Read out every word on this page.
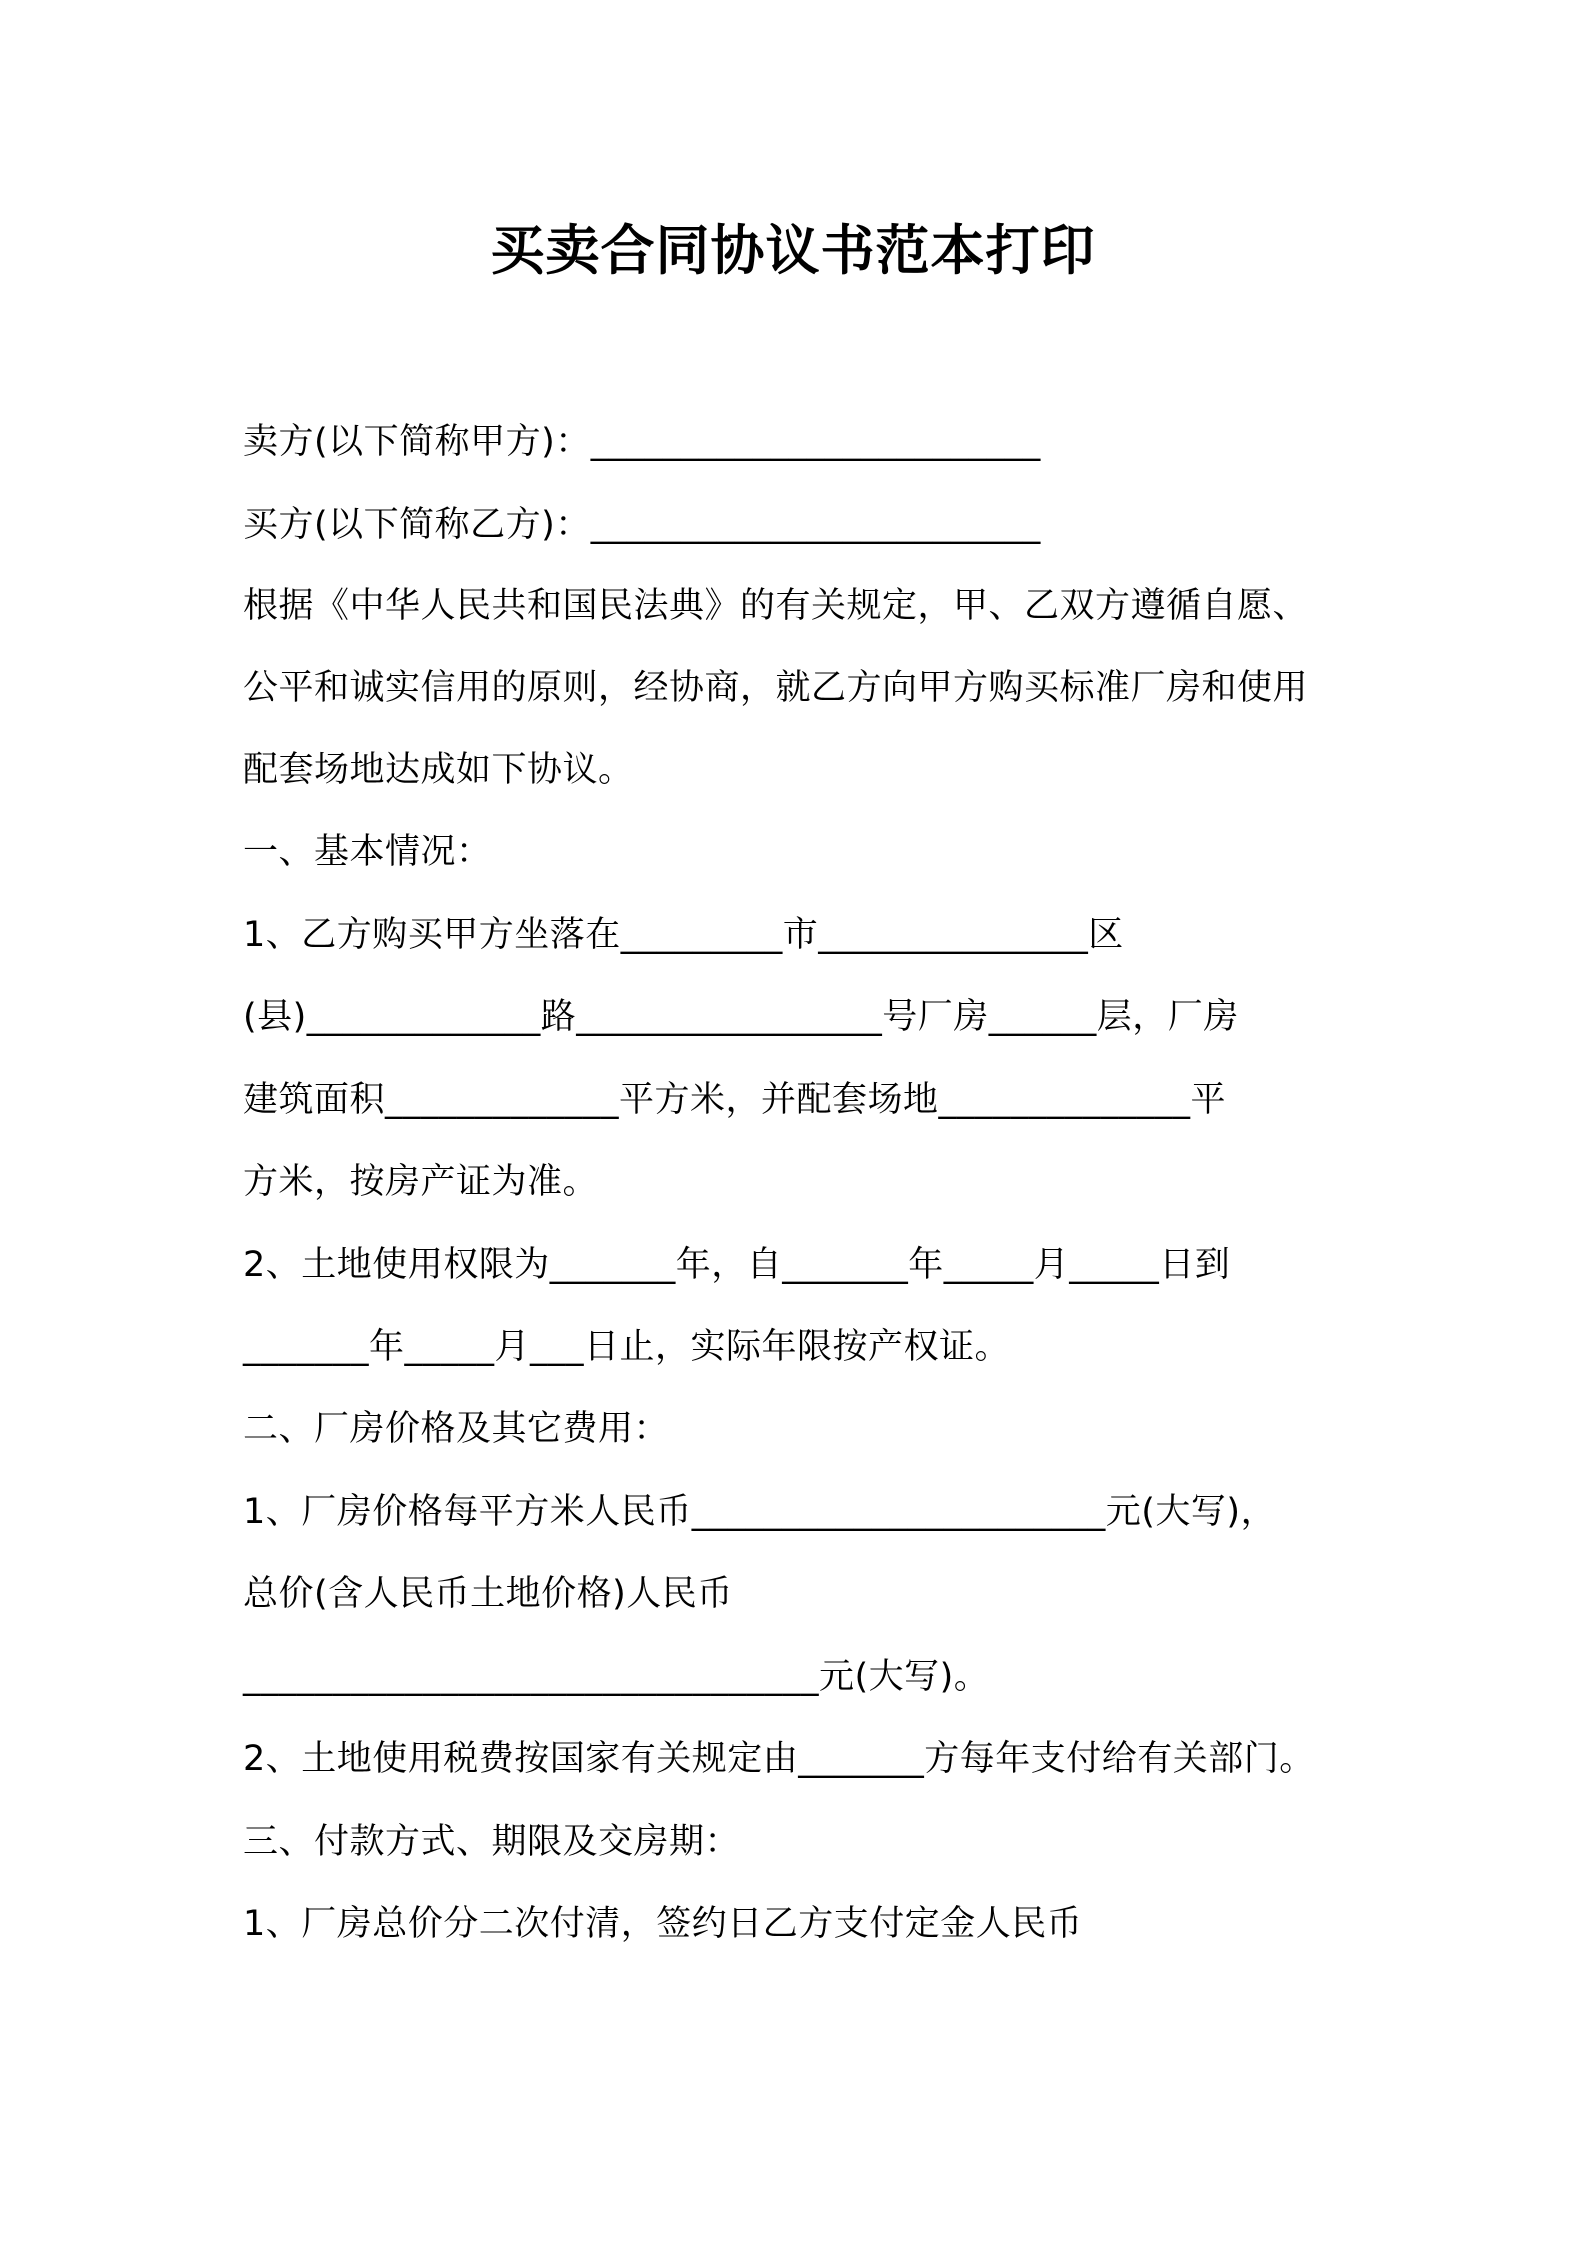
买卖合同协议书范本打印
卖方(以下简称甲方)：_________________________
买方(以下简称乙方)：_________________________
根据《中华人民共和国民法典》的有关规定，甲、乙双方遵循自愿、
公平和诚实信用的原则，经协商，就乙方向甲方购买标准厂房和使用
配套场地达成如下协议。
一、基本情况：
1、乙方购买甲方坐落在_________市_______________区
(县)_____________路_________________号厂房______层，厂房
建筑面积_____________平方米，并配套场地______________平
方米，按房产证为准。
2、土地使用权限为_______年，自_______年_____月_____日到
_______年_____月___日止，实际年限按产权证。
二、厂房价格及其它费用：
1、厂房价格每平方米人民币_______________________元(大写)，
总价(含人民币土地价格)人民币
________________________________元(大写)。
2、土地使用税费按国家有关规定由_______方每年支付给有关部门。
三、付款方式、期限及交房期：
1、厂房总价分二次付清，签约日乙方支付定金人民币
